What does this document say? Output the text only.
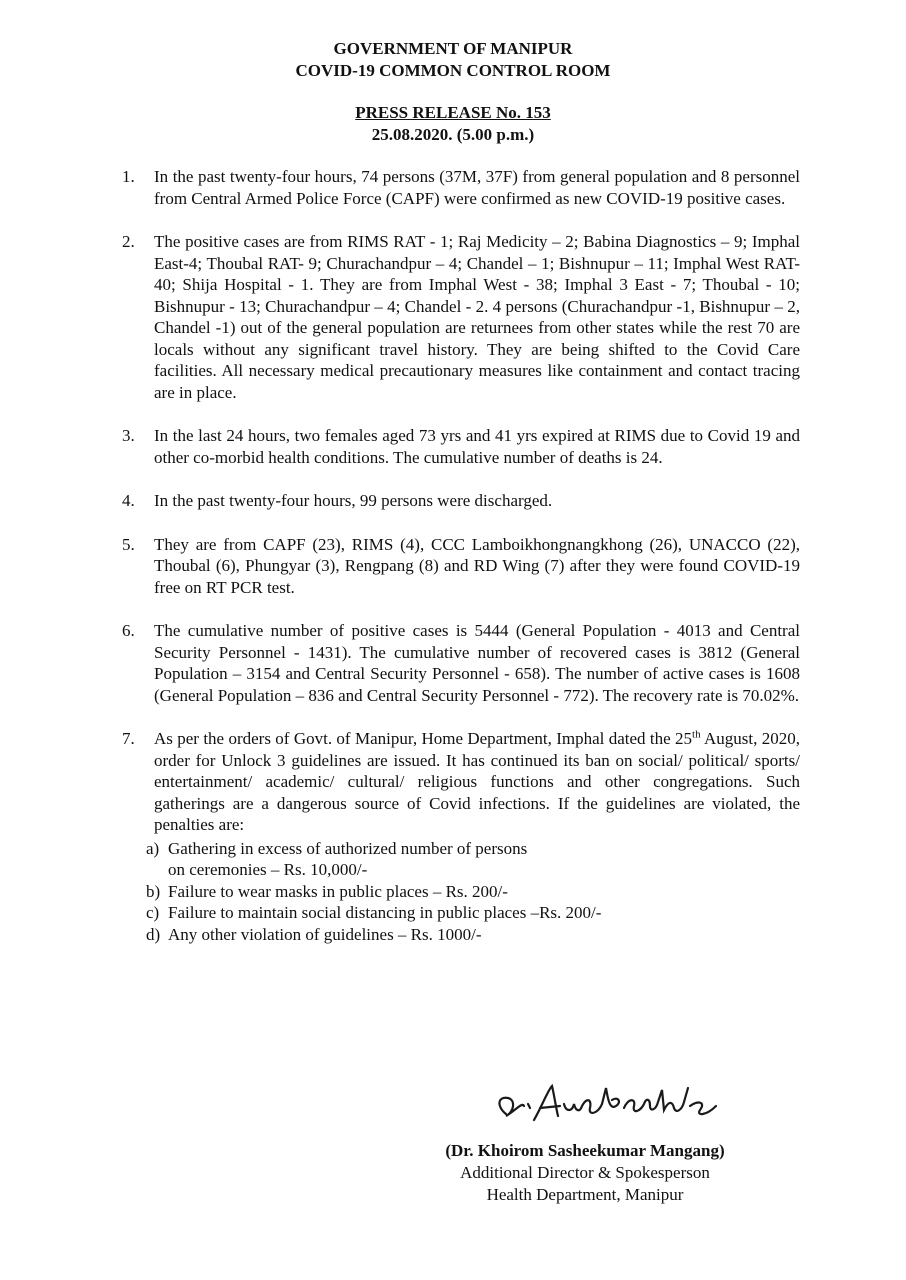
GOVERNMENT OF MANIPUR
COVID-19 COMMON CONTROL ROOM
PRESS RELEASE No. 153
25.08.2020. (5.00 p.m.)
1.	In the past twenty-four hours, 74 persons (37M, 37F) from general population and 8 personnel from Central Armed Police Force (CAPF) were confirmed as new COVID-19 positive cases.
2.	The positive cases are from RIMS RAT - 1; Raj Medicity – 2; Babina Diagnostics – 9; Imphal East-4; Thoubal RAT- 9; Churachandpur – 4; Chandel – 1; Bishnupur – 11; Imphal West RAT- 40; Shija Hospital - 1. They are from Imphal West - 38; Imphal 3 East - 7; Thoubal - 10; Bishnupur - 13; Churachandpur – 4; Chandel - 2. 4 persons (Churachandpur -1, Bishnupur – 2, Chandel -1) out of the general population are returnees from other states while the rest 70 are locals without any significant travel history. They are being shifted to the Covid Care facilities. All necessary medical precautionary measures like containment and contact tracing are in place.
3.	In the last 24 hours, two females aged 73 yrs and 41 yrs expired at RIMS due to Covid 19 and other co-morbid health conditions. The cumulative number of deaths is 24.
4.	In the past twenty-four hours, 99 persons were discharged.
5.	They are from CAPF (23), RIMS (4), CCC Lamboikhongnangkhong (26), UNACCO (22), Thoubal (6), Phungyar (3), Rengpang (8) and RD Wing (7) after they were found COVID-19 free on RT PCR test.
6.	The cumulative number of positive cases is 5444 (General Population - 4013 and Central Security Personnel - 1431). The cumulative number of recovered cases is 3812 (General Population – 3154 and Central Security Personnel - 658). The number of active cases is 1608 (General Population – 836 and Central Security Personnel - 772). The recovery rate is 70.02%.
7.	As per the orders of Govt. of Manipur, Home Department, Imphal dated the 25th August, 2020, order for Unlock 3 guidelines are issued. It has continued its ban on social/ political/ sports/ entertainment/ academic/ cultural/ religious functions and other congregations. Such gatherings are a dangerous source of Covid infections. If the guidelines are violated, the penalties are:
a) Gathering in excess of authorized number of persons
on ceremonies – Rs. 10,000/-
b) Failure to wear masks in public places – Rs. 200/-
c) Failure to maintain social distancing in public places –Rs. 200/-
d) Any other violation of guidelines – Rs. 1000/-
(Dr. Khoirom Sasheekumar Mangang)
Additional Director & Spokesperson
Health Department, Manipur
